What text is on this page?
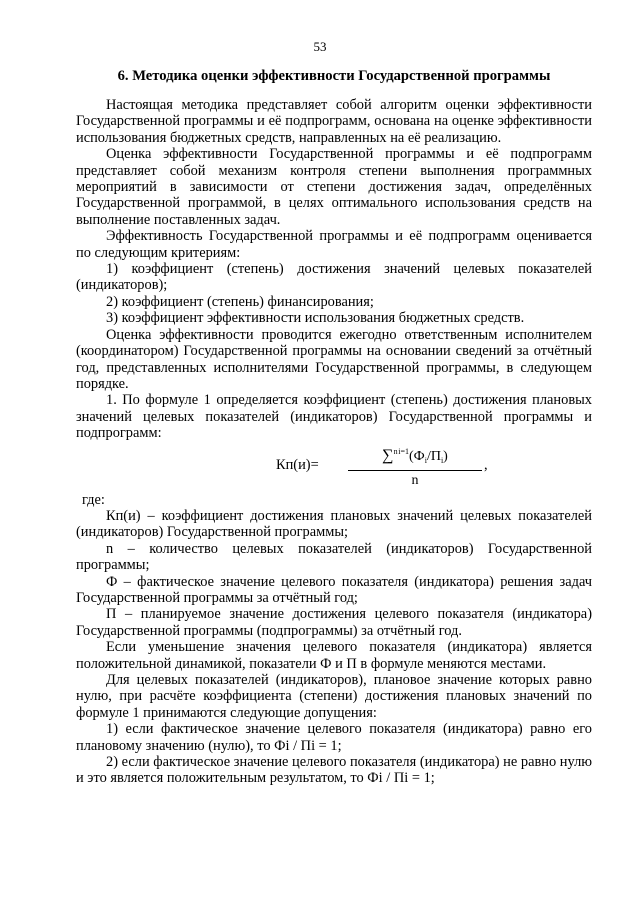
53
6. Методика оценки эффективности Государственной программы

Настоящая методика представляет собой алгоритм оценки эффективности Государственной программы и её подпрограмм, основана на оценке эффективности использования бюджетных средств, направленных на её реализацию.

Оценка эффективности Государственной программы и её подпрограмм представляет собой механизм контроля степени выполнения программных мероприятий в зависимости от степени достижения задач, определённых Государственной программой, в целях оптимального использования средств на выполнение поставленных задач.

Эффективность Государственной программы и её подпрограмм оценивается по следующим критериям:

1) коэффициент (степень) достижения значений целевых показателей (индикаторов);

2) коэффициент (степень) финансирования;

3) коэффициент эффективности использования бюджетных средств.

Оценка эффективности проводится ежегодно ответственным исполнителем (координатором) Государственной программы на основании сведений за отчётный год, представленных исполнителями Государственной программы, в следующем порядке.

1. По формуле 1 определяется коэффициент (степень) достижения плановых значений целевых показателей (индикаторов) Государственной программы и подпрограмм:

Кп(и)=
$\sum^{n i=1}(Ф_i/П_i)$
n
,

где:

Кп(и) – коэффициент достижения плановых значений целевых показателей (индикаторов) Государственной программы;

n – количество целевых показателей (индикаторов) Государственной программы;

Ф – фактическое значение целевого показателя (индикатора) решения задач Государственной программы за отчётный год;

П – планируемое значение достижения целевого показателя (индикатора) Государственной программы (подпрограммы) за отчётный год.

Если уменьшение значения целевого показателя (индикатора) является положительной динамикой, показатели Ф и П в формуле меняются местами.

Для целевых показателей (индикаторов), плановое значение которых равно нулю, при расчёте коэффициента (степени) достижения плановых значений по формуле 1 принимаются следующие допущения:

1) если фактическое значение целевого показателя (индикатора) равно его плановому значению (нулю), то Фi / Пi = 1;

2) если фактическое значение целевого показателя (индикатора) не равно нулю и это является положительным результатом, то Фi / Пi = 1;
